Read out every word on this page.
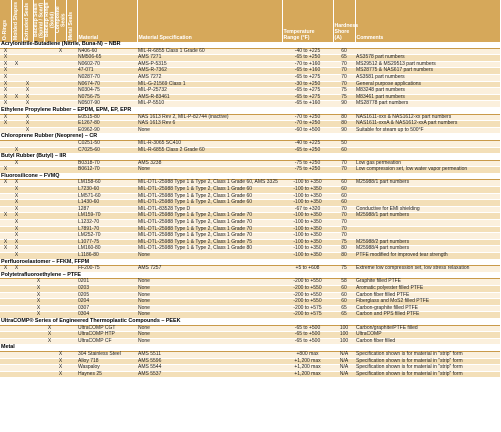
O-Rings	Molded Shapes	Extruded Seals	Backup Seals (Spiral / Scarf)	Backup Rings (Solid)	Composite Seals	Metal Seals	Material	Material Specification	Temperature Range (°F)	Hardness Shore (A)	Comments
Acrylonitrile-Butadiene (Nitrile, Buna-N) – NBR											
X					X		N406-60	MIL-R-6855 Class 1 Grade 60	-40 to +225	60	
X							NM506-65	AMS 7271	-65 to +250	65	AS3578 part numbers
X	X						N0602-70	AMS-P-5315	-70 to +160	70	MS29512 & MS29513 part numbers
X							47-071	AMS-R-7362	-65 to +160	70	MS28775 & NAS617 part numbers
X							N0287-70	AMS 7272	-65 to +275	70	AS3581 part numbers
X		X					N0674-70	MIL-G-21569 Class 1	-30 to +250	70	General purpose applications
X		X					N0304-75	MIL-P-25732	-65 to +275	75	M83248 part numbers
X	X	X					N0756-75	AMS-R-83461	-65 to +275	75	M83461 part numbers
X		X					N0507-90	MIL-P-5510	-65 to +160	90	MS28778 part numbers
Ethylene Propylene Rubber – EPDM, EPM, EP, EPR											
X		X					E0515-80	NAS 1613 Rev 2, MIL-P-82744 (inactive)	-70 to +250	80	NAS1611-xxx & NAS1612-xx part numbers
X		X					E1267-80	NAS 1613 Rev 6	-70 to +250	80	NAS1611-xxxA & NAS1612-xxA part numbers
		X					E0962-90	None	-60 to +500	90	Suitable for steam up to 500°F
Chloroprene Rubber (Neoprene) – CR											
							C0251-50	MIL-R-3065 SC410	-40 to +225	50	
	X						C7025-60	MIL-R-6855 Class 2 Grade 60	-65 to +250	60	
Butyl Rubber (Butyl) – IIR											
	X						B0318-70	AMS 3238	-75 to +250	70	Low gas permeation
X							B0612-70	None	-75 to +250	70	Low compression set, low water vapor permeation
Fluorosilicone – FVMQ											
X	X						LM158-60	MIL-DTL-25988 Type 1 & Type 2, Class 1 Grade 60, AMS 3325	-100 to +350	60	M25988/1 part numbers
	X						L7230-60	MIL-DTL-25988 Type 1 & Type 2, Class 1 Grade 60	-100 to +350	60	
	X						LM571-60	MIL-DTL-25988 Type 1 & Type 2, Class 1 Grade 60	-100 to +350	60	
	X						L1430-60	MIL-DTL-25988 Type 1 & Type 2, Class 1 Grade 60	-100 to +350	60	
	X						1287	MIL-DTL-83528 Type D	-67 to +320	70	Conductive for EMI shielding
X	X						LM159-70	MIL-DTL-25988 Type 1 & Type 2, Class 1 Grade 70	-100 to +350	70	M25988/1 part numbers
	X						L1232-70	MIL-DTL-25988 Type 1 & Type 2, Class 1 Grade 70	-100 to +350	70	
	X						L7891-70	MIL-DTL-25988 Type 1 & Type 2, Class 1 Grade 70	-100 to +350	70	
	X						LM252-70	MIL-DTL-25988 Type 1 & Type 2, Class 1 Grade 70	-100 to +350	70	
X	X						L1077-75	MIL-DTL-25988 Type 1 & Type 2, Class 1 Grade 75	-100 to +350	75	M25988/2 part numbers
X	X						LM160-80	MIL-DTL-25988 Type 1 & Type 2, Class 1 Grade 80	-100 to +350	80	M25988/4 part numbers
	X						L1186-80	None	-100 to +350	80	PTFE modified for improved tear strength
Perfluoroelastomer – FFKM, FFPM											
X	X						FF200-75	AMS 7257	+5 to +608	75	Extreme low compression set, low stress relaxation
Polytetrafluoroethylene – PTFE											
			X				0201	None	-200 to +550	58	Graphite filled PTFE
			X				0203	None	-200 to +550	60	Aromatic polyester filled PTFE
			X				0205	None	-200 to +550	60	Carbon fiber filled PTFE
			X				0204	None	-200 to +550	60	Fiberglass and MoS2 filled PTFE
			X				0307	None	-200 to +575	65	Carbon-graphite filled PTFE
			X				0304	None	-200 to +575	65	Carbon and PPS filled PTFE
UltraCOMP® Series of Engineered Thermoplastic Compounds – PEEK											
				X			UltraCOMP CGT	None	-65 to +500	100	Carbon/graphite/PTFE filled
				X			UltraCOMP HTP	None	-65 to +500	100	UltraCOMP
				X			UltraCOMP CF	None	-65 to +500	100	Carbon fiber filled
Metal											
					X		304 Stainless Steel	AMS 5511	+800 max	N/A	Specification shown is for material in "strip" form
					X		Alloy 718	AMS 5596	+1,200 max	N/A	Specification shown is for material in "strip" form
					X		Waspaloy	AMS 5544	+1,200 max	N/A	Specification shown is for material in "strip" form
					X		Haynes 25	AMS 5537	+1,200 max	N/A	Specification shown is for material in "strip" form
